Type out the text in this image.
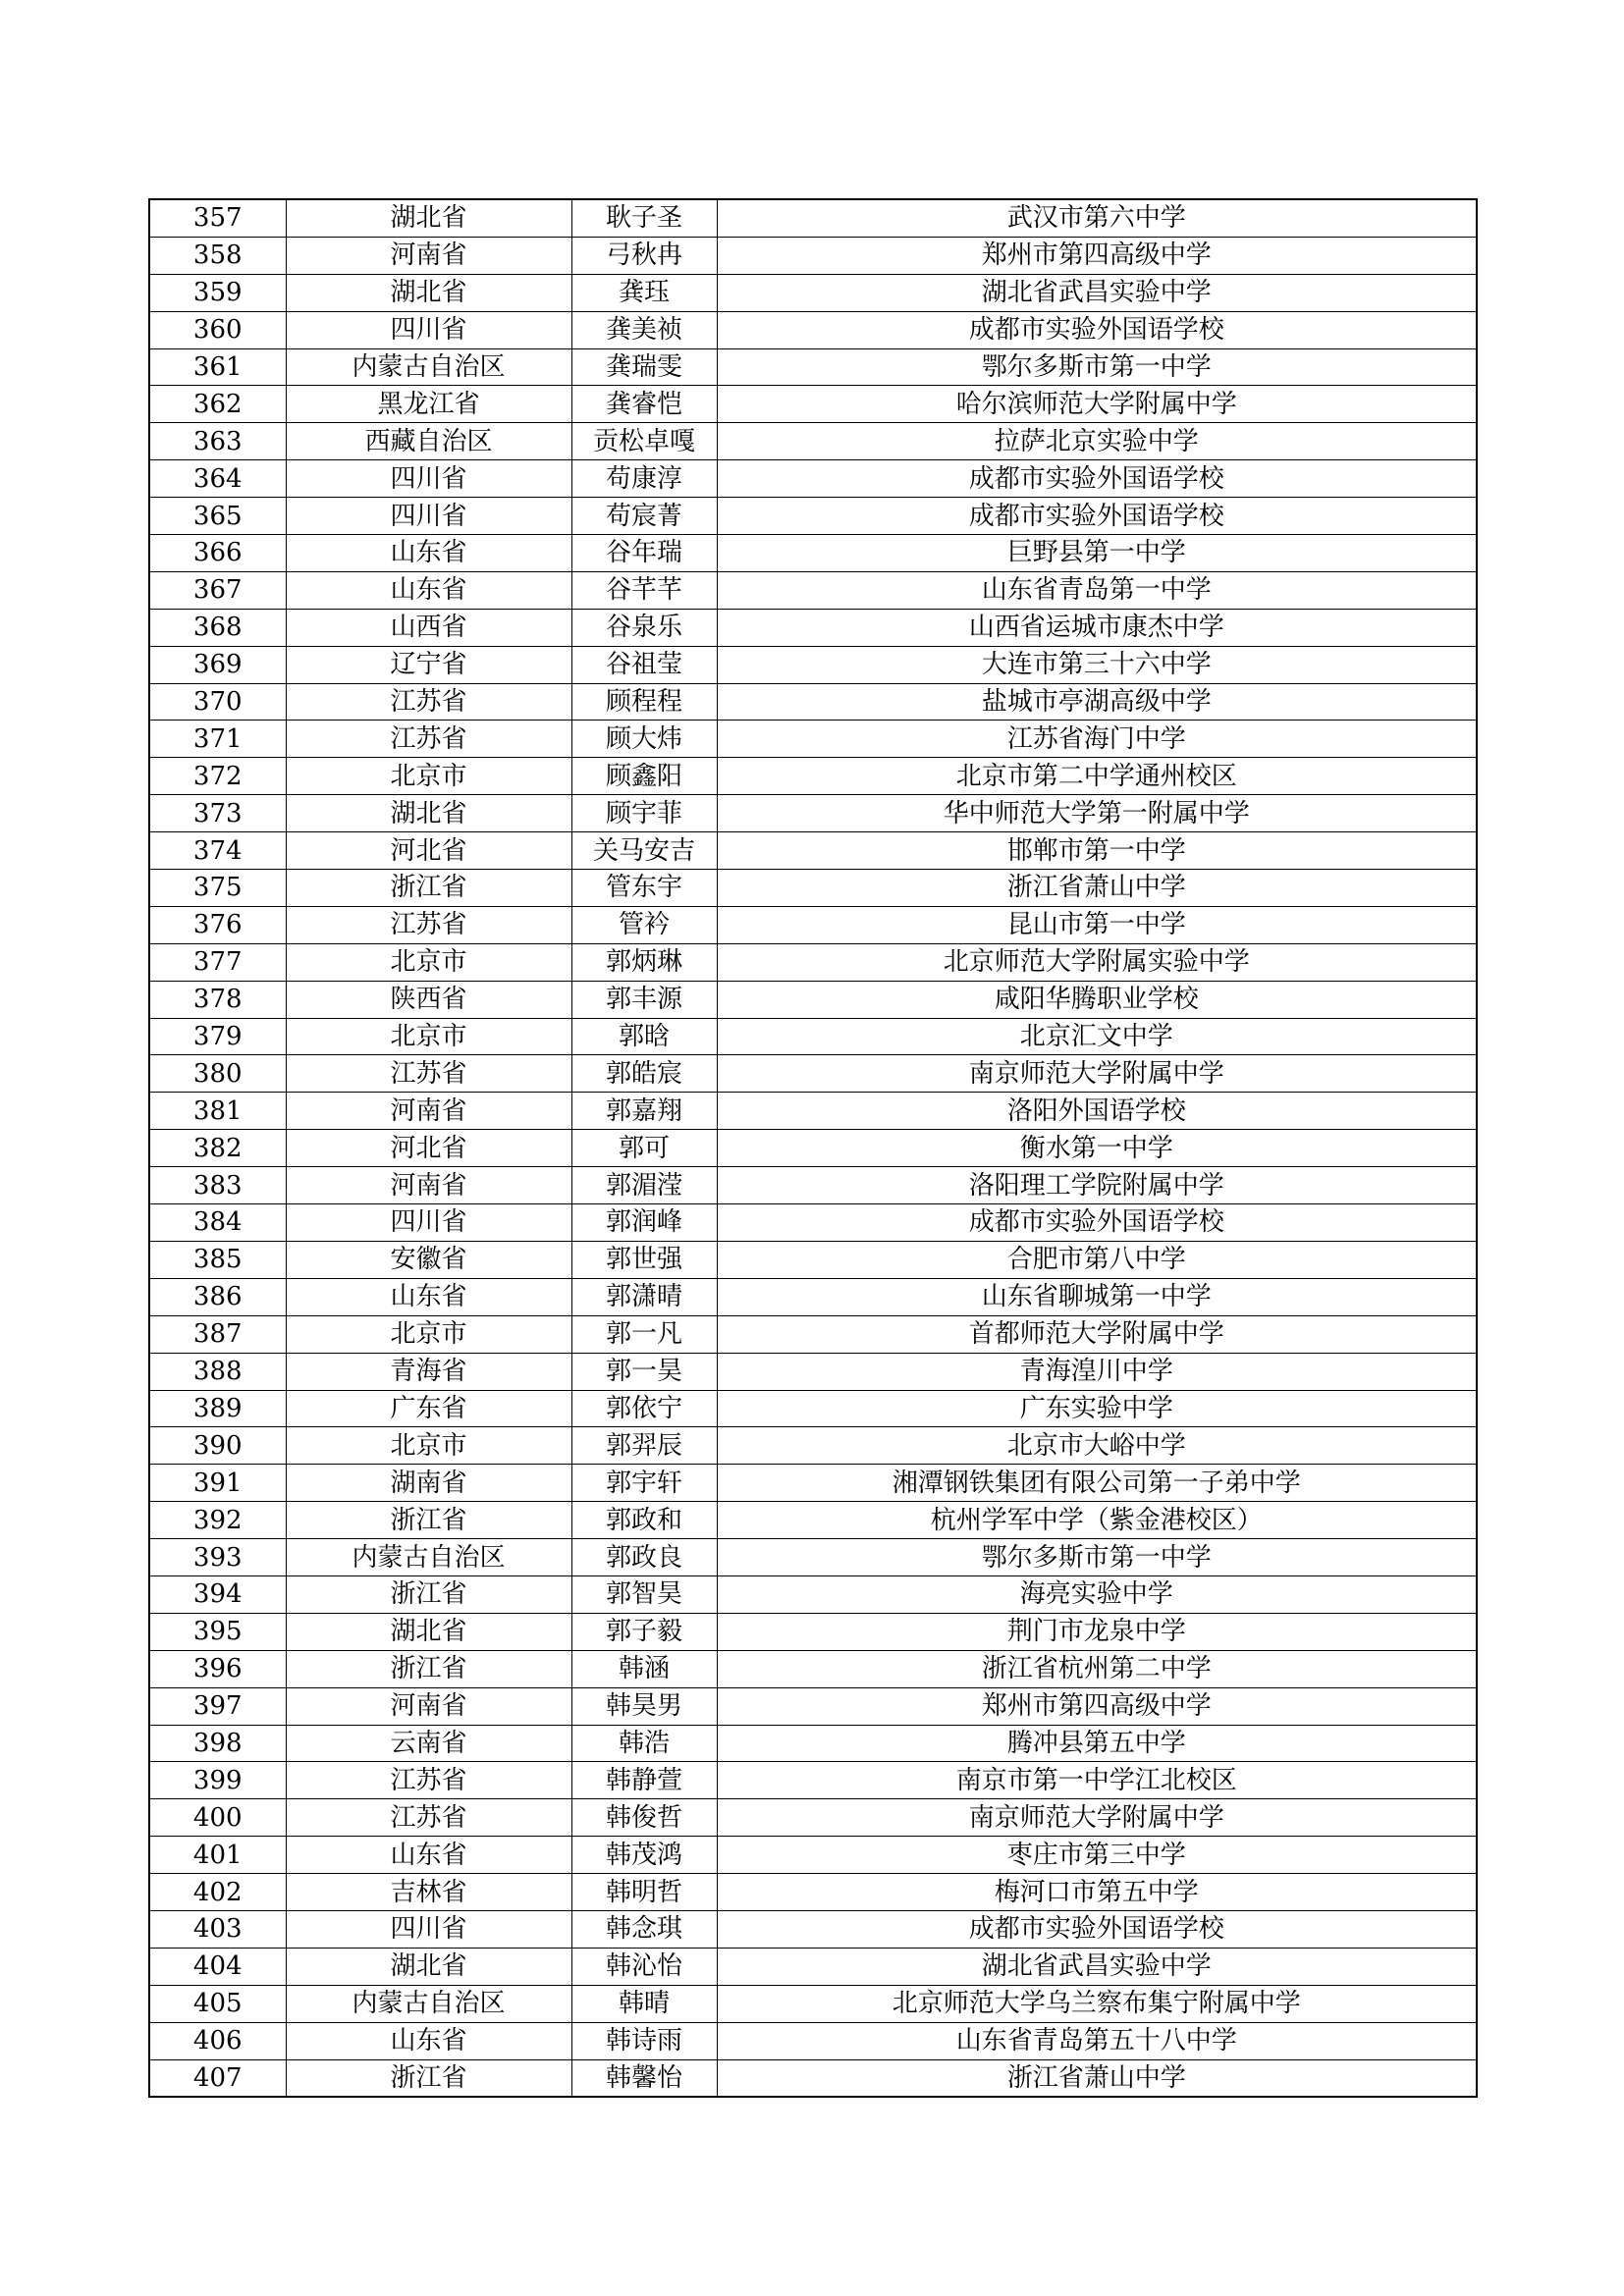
357	湖北省	耿子圣	武汉市第六中学
358	河南省	弓秋冉	郑州市第四高级中学
359	湖北省	龚珏	湖北省武昌实验中学
360	四川省	龚美祯	成都市实验外国语学校
361	内蒙古自治区	龚瑞雯	鄂尔多斯市第一中学
362	黑龙江省	龚睿恺	哈尔滨师范大学附属中学
363	西藏自治区	贡松卓嘎	拉萨北京实验中学
364	四川省	苟康淳	成都市实验外国语学校
365	四川省	苟宸菁	成都市实验外国语学校
366	山东省	谷年瑞	巨野县第一中学
367	山东省	谷芊芊	山东省青岛第一中学
368	山西省	谷泉乐	山西省运城市康杰中学
369	辽宁省	谷祖莹	大连市第三十六中学
370	江苏省	顾程程	盐城市亭湖高级中学
371	江苏省	顾大炜	江苏省海门中学
372	北京市	顾鑫阳	北京市第二中学通州校区
373	湖北省	顾宇菲	华中师范大学第一附属中学
374	河北省	关马安吉	邯郸市第一中学
375	浙江省	管东宇	浙江省萧山中学
376	江苏省	管衿	昆山市第一中学
377	北京市	郭炳琳	北京师范大学附属实验中学
378	陕西省	郭丰源	咸阳华腾职业学校
379	北京市	郭晗	北京汇文中学
380	江苏省	郭皓宸	南京师范大学附属中学
381	河南省	郭嘉翔	洛阳外国语学校
382	河北省	郭可	衡水第一中学
383	河南省	郭湄滢	洛阳理工学院附属中学
384	四川省	郭润峰	成都市实验外国语学校
385	安徽省	郭世强	合肥市第八中学
386	山东省	郭潇晴	山东省聊城第一中学
387	北京市	郭一凡	首都师范大学附属中学
388	青海省	郭一昊	青海湟川中学
389	广东省	郭依宁	广东实验中学
390	北京市	郭羿辰	北京市大峪中学
391	湖南省	郭宇轩	湘潭钢铁集团有限公司第一子弟中学
392	浙江省	郭政和	杭州学军中学（紫金港校区）
393	内蒙古自治区	郭政良	鄂尔多斯市第一中学
394	浙江省	郭智昊	海亮实验中学
395	湖北省	郭子毅	荆门市龙泉中学
396	浙江省	韩涵	浙江省杭州第二中学
397	河南省	韩昊男	郑州市第四高级中学
398	云南省	韩浩	腾冲县第五中学
399	江苏省	韩静萱	南京市第一中学江北校区
400	江苏省	韩俊哲	南京师范大学附属中学
401	山东省	韩茂鸿	枣庄市第三中学
402	吉林省	韩明哲	梅河口市第五中学
403	四川省	韩念琪	成都市实验外国语学校
404	湖北省	韩沁怡	湖北省武昌实验中学
405	内蒙古自治区	韩晴	北京师范大学乌兰察布集宁附属中学
406	山东省	韩诗雨	山东省青岛第五十八中学
407	浙江省	韩馨怡	浙江省萧山中学
